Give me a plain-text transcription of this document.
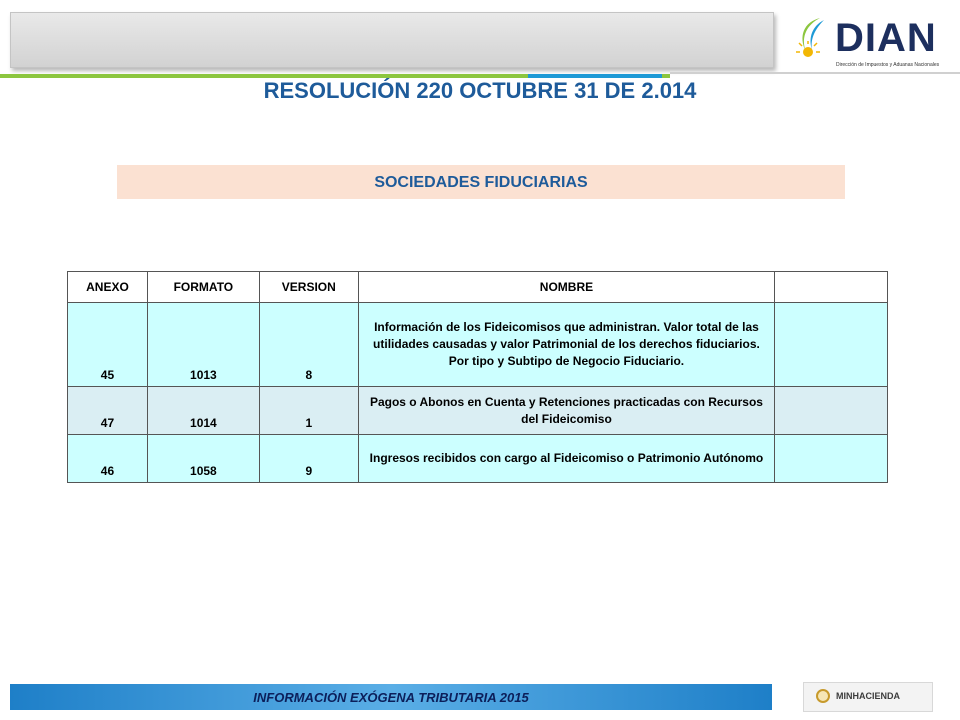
DIAN
Dirección de Impuestos y Aduanas Nacionales
RESOLUCIÓN 220 OCTUBRE 31 DE 2.014
SOCIEDADES FIDUCIARIAS
ANEXO	FORMATO	VERSION	NOMBRE	
45	1013	8	Información de los Fideicomisos que administran. Valor total de las utilidades causadas y valor Patrimonial de los derechos fiduciarios. Por tipo y Subtipo de Negocio Fiduciario.	
47	1014	1	Pagos o Abonos en Cuenta y Retenciones practicadas con Recursos del Fideicomiso	
46	1058	9	Ingresos recibidos con cargo al Fideicomiso o Patrimonio Autónomo	
INFORMACIÓN EXÓGENA TRIBUTARIA 2015	MINHACIENDA
